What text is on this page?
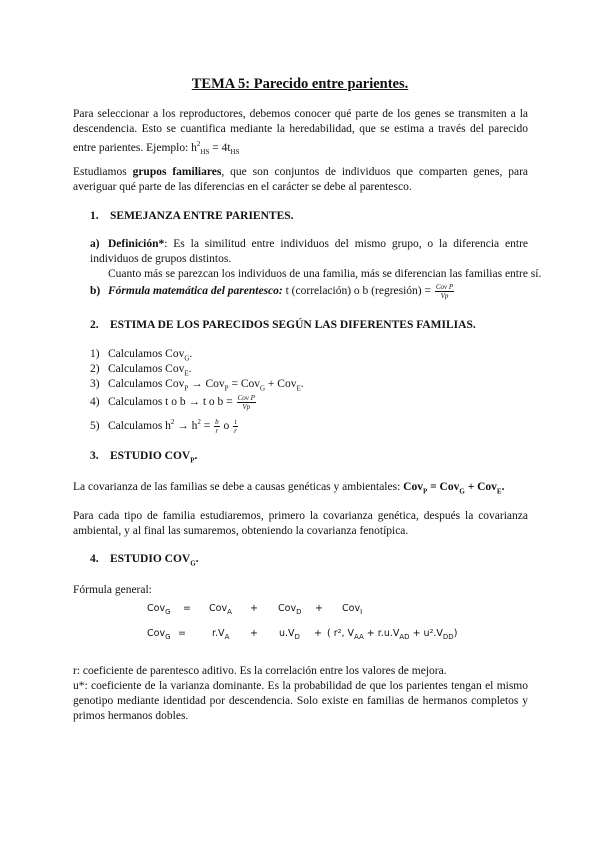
TEMA 5: Parecido entre parientes.
Para seleccionar a los reproductores, debemos conocer qué parte de los genes se transmiten a la descendencia. Esto se cuantifica mediante la heredabilidad, que se estima a través del parecido entre parientes. Ejemplo: $h^2_{HS} = 4t_{HS}$
Estudiamos grupos familiares, que son conjuntos de individuos que comparten genes, para averiguar qué parte de las diferencias en el carácter se debe al parentesco.
1. SEMEJANZA ENTRE PARIENTES.
a) Definición*: Es la similitud entre individuos del mismo grupo, o la diferencia entre individuos de grupos distintos.
Cuanto más se parezcan los individuos de una familia, más se diferencian las familias entre sí.
b) Fórmula matemática del parentesco: t (correlación) o b (regresión) = $\frac{\text{Cov P}}{Vp}$
2. ESTIMA DE LOS PARECIDOS SEGÚN LAS DIFERENTES FAMILIAS.
1) Calculamos Cov$_G$.
2) Calculamos Cov$_E$.
3) Calculamos Cov$_P$ → Cov$_P$ = Cov$_G$ + Cov$_E$.
4) Calculamos t o b → t o $b = \frac{\text{Cov P}}{Vp}$
5) Calculamos $h^2 \to h^2 = \frac{b}{r}$ o $\frac{t}{r}$
3. ESTUDIO $COV_P$.
La covarianza de las familias se debe a causas genéticas y ambientales: Cov$_P$ = Cov$_G$ + Cov$_E$.
Para cada tipo de familia estudiaremos, primero la covarianza genética, después la covarianza ambiental, y al final las sumaremos, obteniendo la covarianza fenotípica.
4. ESTUDIO $COV_G$.
Fórmula general:
Cov$_G$ = Cov$_A$ + Cov$_D$ + Cov$_I$
Cov$_G$ =	$r.V_A + u.V_D$ + ( r², $V_{AA} + r.u.V_{AD} + u^2.V_{DD}$)
r: coeficiente de parentesco aditivo. Es la correlación entre los valores de mejora.
u*: coeficiente de la varianza dominante. Es la probabilidad de que los parientes tengan el mismo genotipo mediante identidad por descendencia. Solo existe en familias de hermanos completos y primos hermanos dobles.
